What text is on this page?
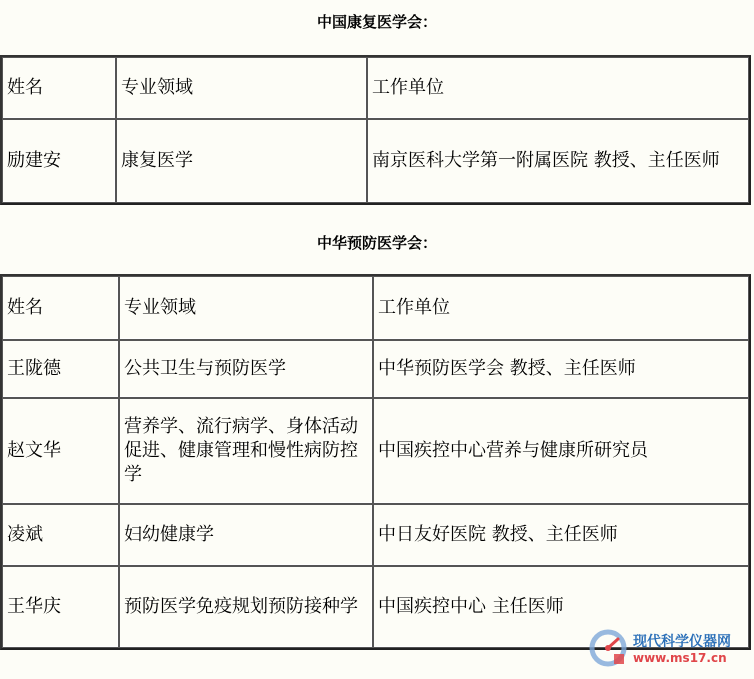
中国康复医学会：
姓名	专业领域	工作单位
励建安	康复医学	南京医科大学第一附属医院 教授、主任医师
中华预防医学会：
姓名	专业领域	工作单位
王陇德	公共卫生与预防医学	中华预防医学会 教授、主任医师
赵文华	营养学、流行病学、身体活动促进、健康管理和慢性病防控学	中国疾控中心营养与健康所研究员
凌斌	妇幼健康学	中日友好医院 教授、主任医师
王华庆	预防医学免疫规划预防接种学	中国疾控中心 主任医师
现代科学仪器网
www.ms17.cn
